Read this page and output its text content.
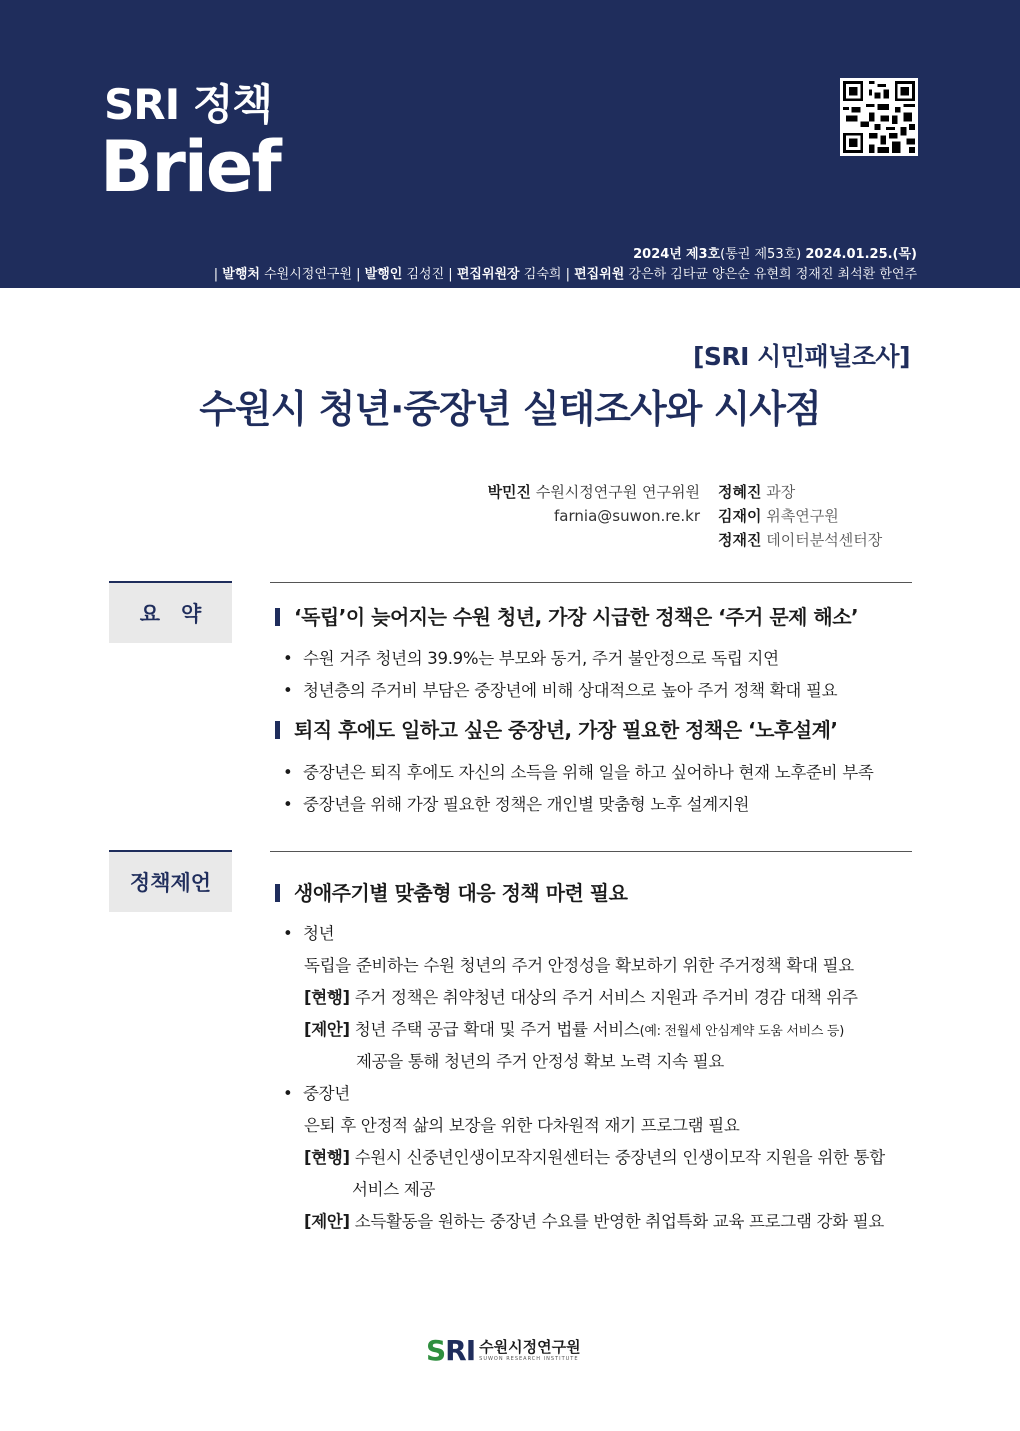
SRI 정책
Brief
2024년 제3호(통권 제53호) 2024.01.25.(목)
| 발행처 수원시정연구원 | 발행인 김성진 | 편집위원장 김숙희 | 편집위원 강은하 김타균 양은순 유현희 정재진 최석환 한연주
[SRI 시민패널조사]
수원시 청년·중장년 실태조사와 시사점
박민진 수원시정연구원 연구위원
farnia@suwon.re.kr
정혜진 과장
김재이 위촉연구원
정재진 데이터분석센터장
요　약	‘독립’이 늦어지는 수원 청년, 가장 시급한 정책은 ‘주거 문제 해소’
• 수원 거주 청년의 39.9%는 부모와 동거, 주거 불안정으로 독립 지연
• 청년층의 주거비 부담은 중장년에 비해 상대적으로 높아 주거 정책 확대 필요
퇴직 후에도 일하고 싶은 중장년, 가장 필요한 정책은 ‘노후설계’
• 중장년은 퇴직 후에도 자신의 소득을 위해 일을 하고 싶어하나 현재 노후준비 부족
• 중장년을 위해 가장 필요한 정책은 개인별 맞춤형 노후 설계지원
정책제언	생애주기별 맞춤형 대응 정책 마련 필요
• 청년
독립을 준비하는 수원 청년의 주거 안정성을 확보하기 위한 주거정책 확대 필요
[현행] 주거 정책은 취약청년 대상의 주거 서비스 지원과 주거비 경감 대책 위주
[제안] 청년 주택 공급 확대 및 주거 법률 서비스(예: 전월세 안심계약 도움 서비스 등)
제공을 통해 청년의 주거 안정성 확보 노력 지속 필요
• 중장년
은퇴 후 안정적 삶의 보장을 위한 다차원적 재기 프로그램 필요
[현행] 수원시 신중년인생이모작지원센터는 중장년의 인생이모작 지원을 위한 통합
서비스 제공
[제안] 소득활동을 원하는 중장년 수요를 반영한 취업특화 교육 프로그램 강화 필요
SRI 수원시정연구원
SUWON RESEARCH INSTITUTE
